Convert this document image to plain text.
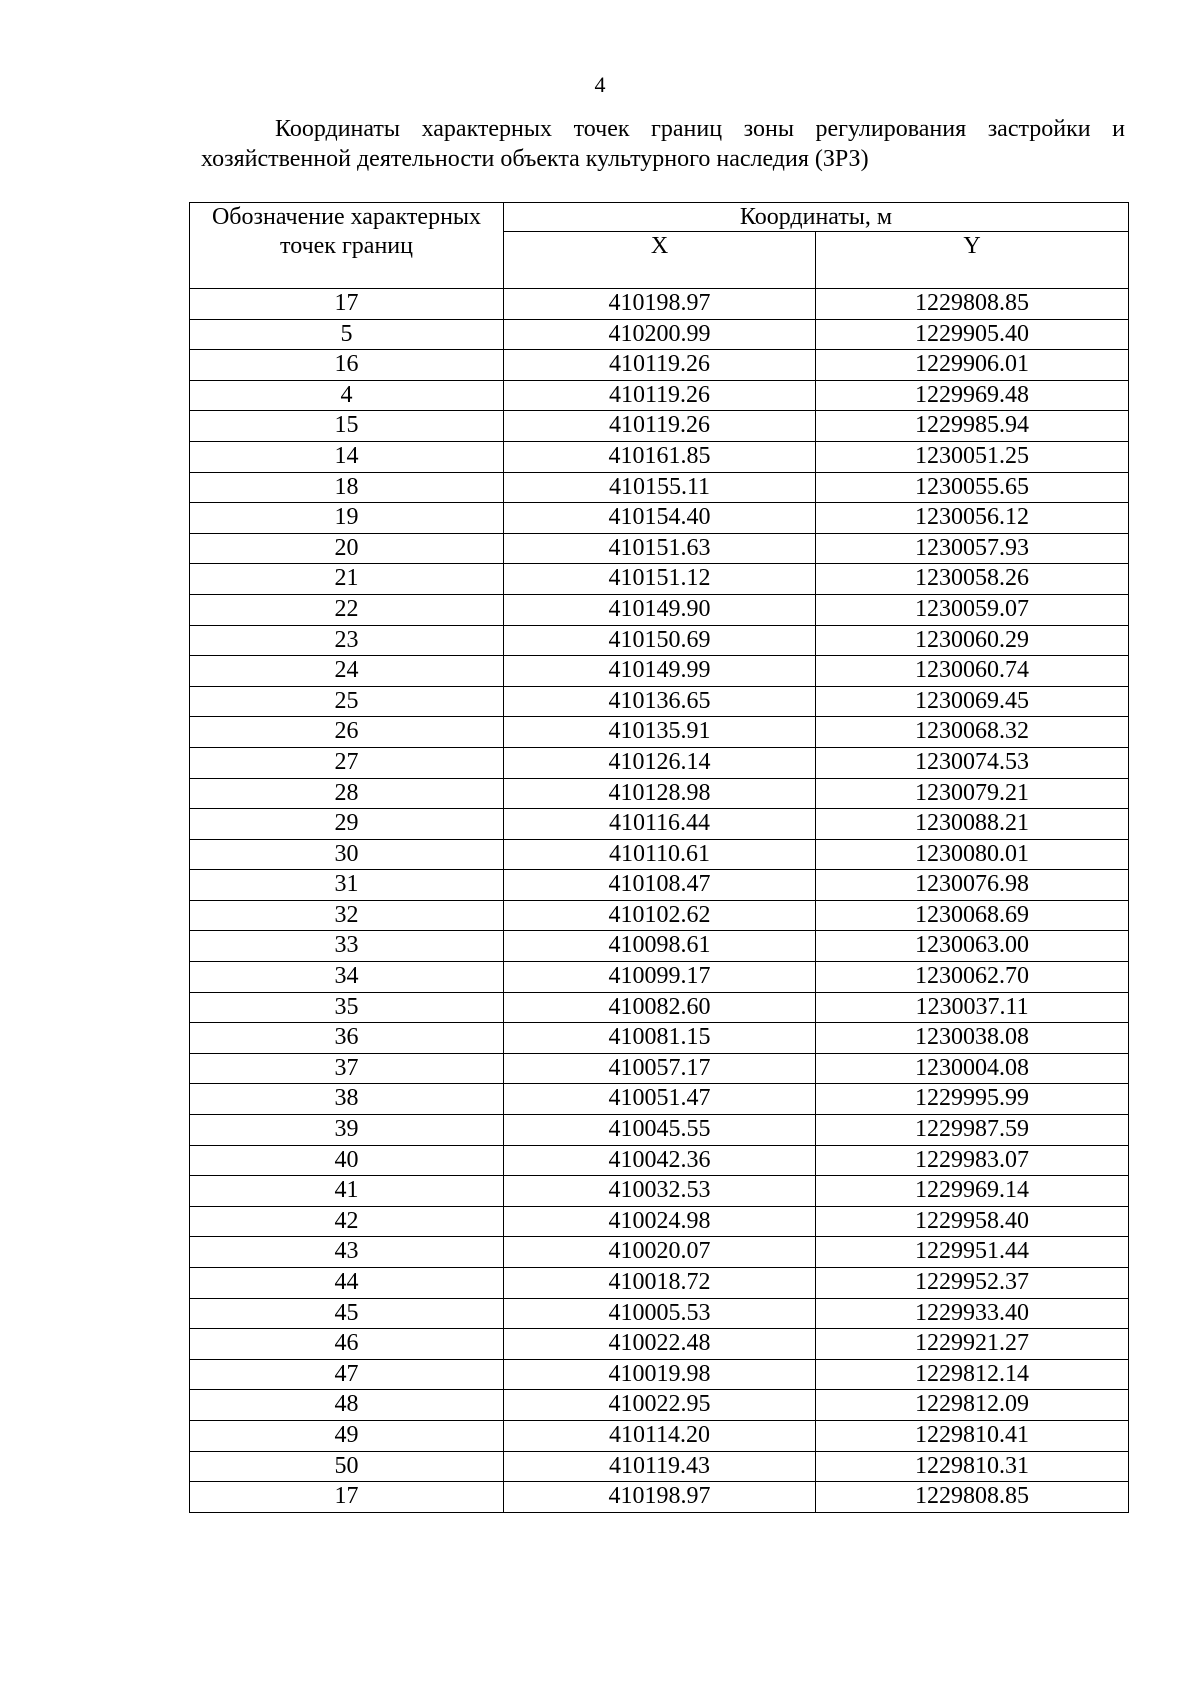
4
Координаты характерных точек границ зоны регулирования застройки и хозяйственной деятельности объекта культурного наследия (ЗРЗ)
Обозначение характерных точек границ	Координаты, м	
	X	Y
17	410198.97	1229808.85
5	410200.99	1229905.40
16	410119.26	1229906.01
4	410119.26	1229969.48
15	410119.26	1229985.94
14	410161.85	1230051.25
18	410155.11	1230055.65
19	410154.40	1230056.12
20	410151.63	1230057.93
21	410151.12	1230058.26
22	410149.90	1230059.07
23	410150.69	1230060.29
24	410149.99	1230060.74
25	410136.65	1230069.45
26	410135.91	1230068.32
27	410126.14	1230074.53
28	410128.98	1230079.21
29	410116.44	1230088.21
30	410110.61	1230080.01
31	410108.47	1230076.98
32	410102.62	1230068.69
33	410098.61	1230063.00
34	410099.17	1230062.70
35	410082.60	1230037.11
36	410081.15	1230038.08
37	410057.17	1230004.08
38	410051.47	1229995.99
39	410045.55	1229987.59
40	410042.36	1229983.07
41	410032.53	1229969.14
42	410024.98	1229958.40
43	410020.07	1229951.44
44	410018.72	1229952.37
45	410005.53	1229933.40
46	410022.48	1229921.27
47	410019.98	1229812.14
48	410022.95	1229812.09
49	410114.20	1229810.41
50	410119.43	1229810.31
17	410198.97	1229808.85
